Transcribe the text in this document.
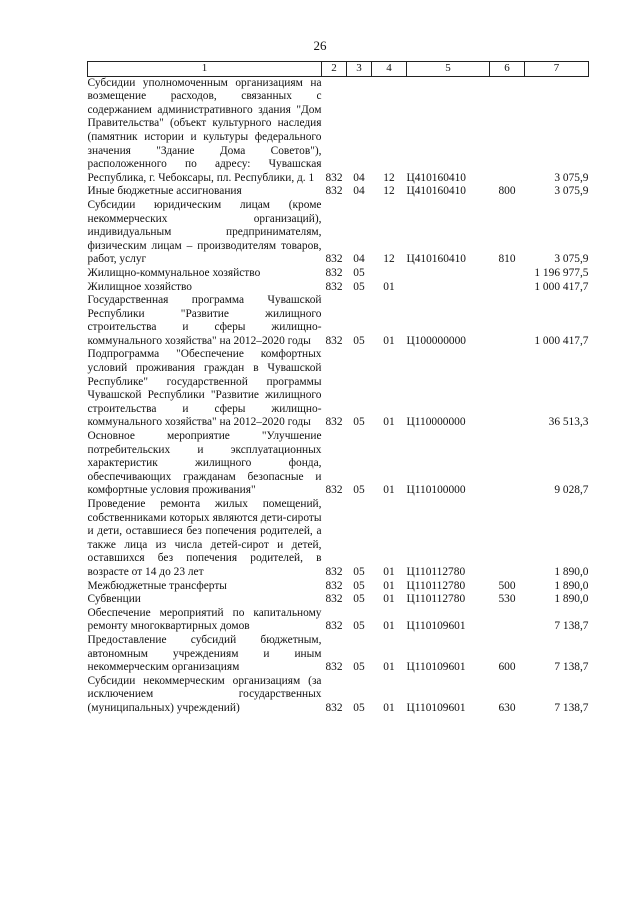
26
1	2	3	4	5	6	7
Субсидии уполномоченным организациям на возмещение расходов, связанных с содержанием административного здания "Дом Правительства" (объект культурного наследия (памятник истории и культуры федерального значения "Здание Дома Советов"), расположенного по адресу: Чувашская Республика, г. Чебоксары, пл. Республики, д. 1	832	04	12	Ц410160410		3 075,9
Иные бюджетные ассигнования	832	04	12	Ц410160410	800	3 075,9
Субсидии юридическим лицам (кроме некоммерческих организаций), индивидуальным предпринимателям, физическим лицам – производителям товаров, работ, услуг	832	04	12	Ц410160410	810	3 075,9
Жилищно-коммунальное хозяйство	832	05				1 196 977,5
Жилищное хозяйство	832	05	01			1 000 417,7
Государственная программа Чувашской Республики "Развитие жилищного строительства и сферы жилищно-коммунального хозяйства" на 2012–2020 годы	832	05	01	Ц100000000		1 000 417,7
Подпрограмма "Обеспечение комфортных условий проживания граждан в Чувашской Республике" государственной программы Чувашской Республики "Развитие жилищного строительства и сферы жилищно-коммунального хозяйства" на 2012–2020 годы	832	05	01	Ц110000000		36 513,3
Основное мероприятие "Улучшение потребительских и эксплуатационных характеристик жилищного фонда, обеспечивающих гражданам безопасные и комфортные условия проживания"	832	05	01	Ц110100000		9 028,7
Проведение ремонта жилых помещений, собственниками которых являются дети-сироты и дети, оставшиеся без попечения родителей, а также лица из числа детей-сирот и детей, оставшихся без попечения родителей, в возрасте от 14 до 23 лет	832	05	01	Ц110112780		1 890,0
Межбюджетные трансферты	832	05	01	Ц110112780	500	1 890,0
Субвенции	832	05	01	Ц110112780	530	1 890,0
Обеспечение мероприятий по капитальному ремонту многоквартирных домов	832	05	01	Ц110109601		7 138,7
Предоставление субсидий бюджетным, автономным учреждениям и иным некоммерческим организациям	832	05	01	Ц110109601	600	7 138,7
Субсидии некоммерческим организациям (за исключением государственных (муниципальных) учреждений)	832	05	01	Ц110109601	630	7 138,7
